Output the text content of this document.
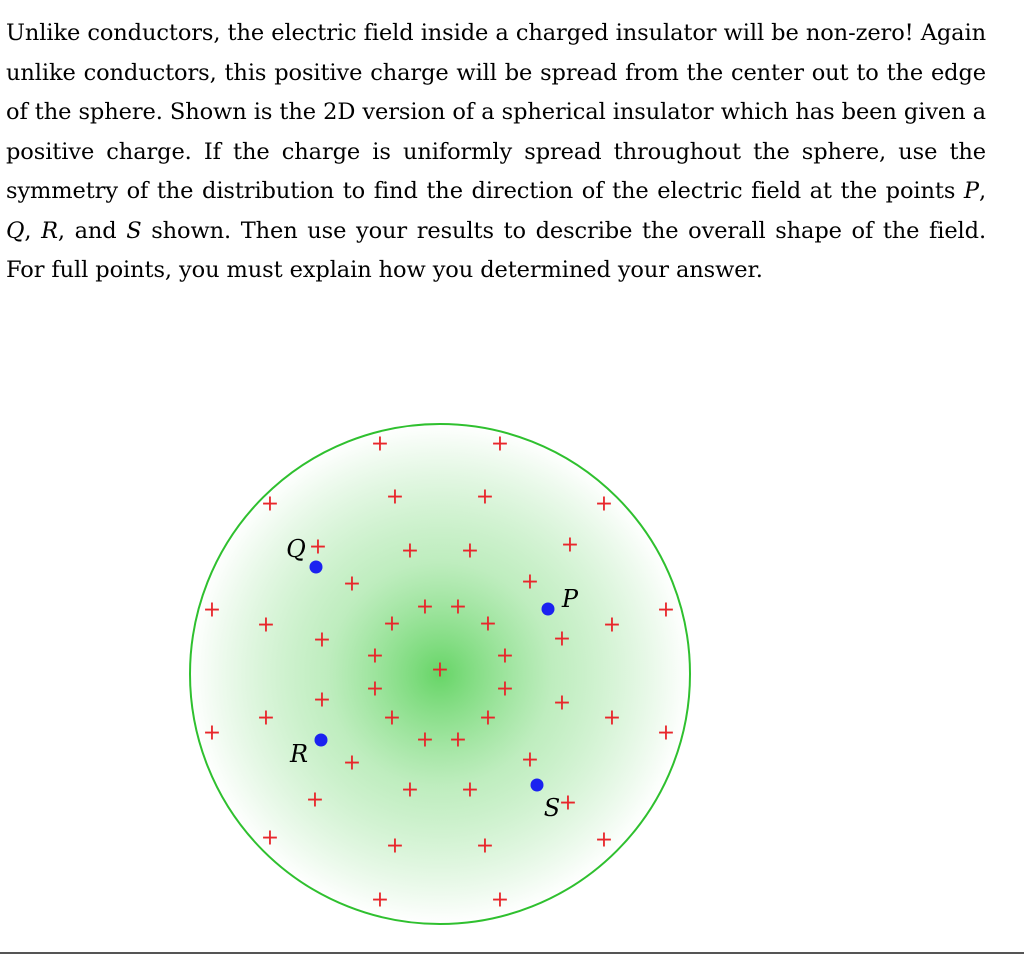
Unlike conductors, the electric field inside a charged insulator will be non-zero! Again unlike conductors, this positive charge will be spread from the center out to the edge of the sphere. Shown is the 2D version of a spherical insulator which has been given a positive charge. If the charge is uniformly spread throughout the sphere, use the symmetry of the distribution to find the direction of the electric field at the points P, Q, R, and S shown. Then use your results to describe the overall shape of the field. For full points, you must explain how you determined your answer.
+	+
+	+	+	+
+
+ +
+
+	+
+ +
+	+
+	+	+	+
+	+
+	+
+
+	+
+	+
+	+
+	+
+	+
+ +
+	+
+	+ +
+
+	+	+	+
+	+
P
Q
R
S
